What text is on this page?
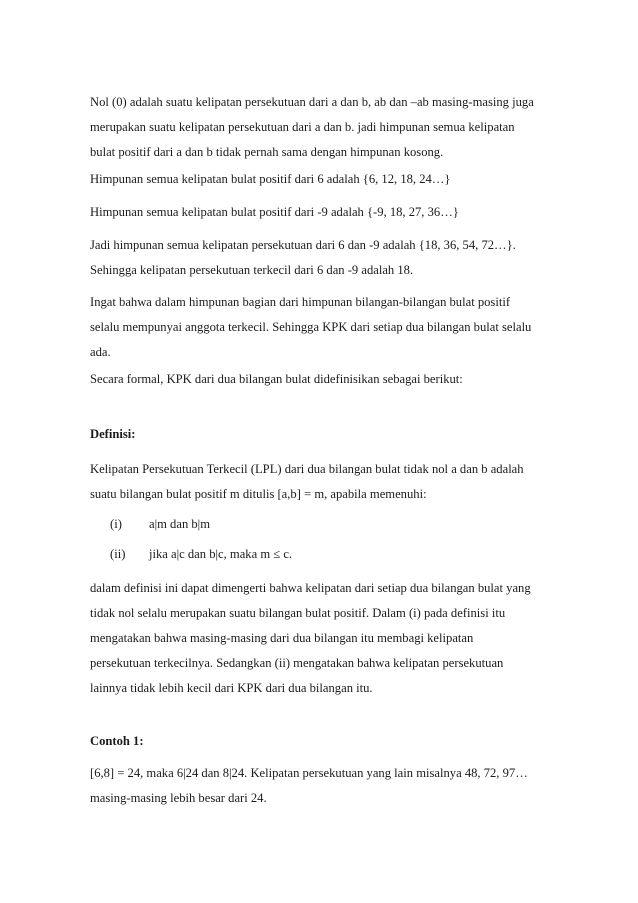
Nol (0) adalah suatu kelipatan persekutuan dari a dan b, ab dan –ab masing-masing juga
merupakan suatu kelipatan persekutuan dari a dan b. jadi himpunan semua kelipatan
bulat positif dari a dan b tidak pernah sama dengan himpunan kosong.
Himpunan semua kelipatan bulat positif dari 6 adalah {6, 12, 18, 24…}
Himpunan semua kelipatan bulat positif dari -9 adalah {-9, 18, 27, 36…}
Jadi himpunan semua kelipatan persekutuan dari 6 dan -9 adalah {18, 36, 54, 72…}.
Sehingga kelipatan persekutuan terkecil dari 6 dan -9 adalah 18.
Ingat bahwa dalam himpunan bagian dari himpunan bilangan-bilangan bulat positif
selalu mempunyai anggota terkecil. Sehingga KPK dari setiap dua bilangan bulat selalu
ada.
Secara formal, KPK dari dua bilangan bulat didefinisikan sebagai berikut:
Definisi:
Kelipatan Persekutuan Terkecil (LPL) dari dua bilangan bulat tidak nol a dan b adalah
suatu bilangan bulat positif m ditulis [a,b] = m, apabila memenuhi:
(i) a|m dan b|m
(ii) jika a|c dan b|c, maka m ≤ c.
dalam definisi ini dapat dimengerti bahwa kelipatan dari setiap dua bilangan bulat yang
tidak nol selalu merupakan suatu bilangan bulat positif. Dalam (i) pada definisi itu
mengatakan bahwa masing-masing dari dua bilangan itu membagi kelipatan
persekutuan terkecilnya. Sedangkan (ii) mengatakan bahwa kelipatan persekutuan
lainnya tidak lebih kecil dari KPK dari dua bilangan itu.
Contoh 1:
[6,8] = 24, maka 6|24 dan 8|24. Kelipatan persekutuan yang lain misalnya 48, 72, 97…
masing-masing lebih besar dari 24.
